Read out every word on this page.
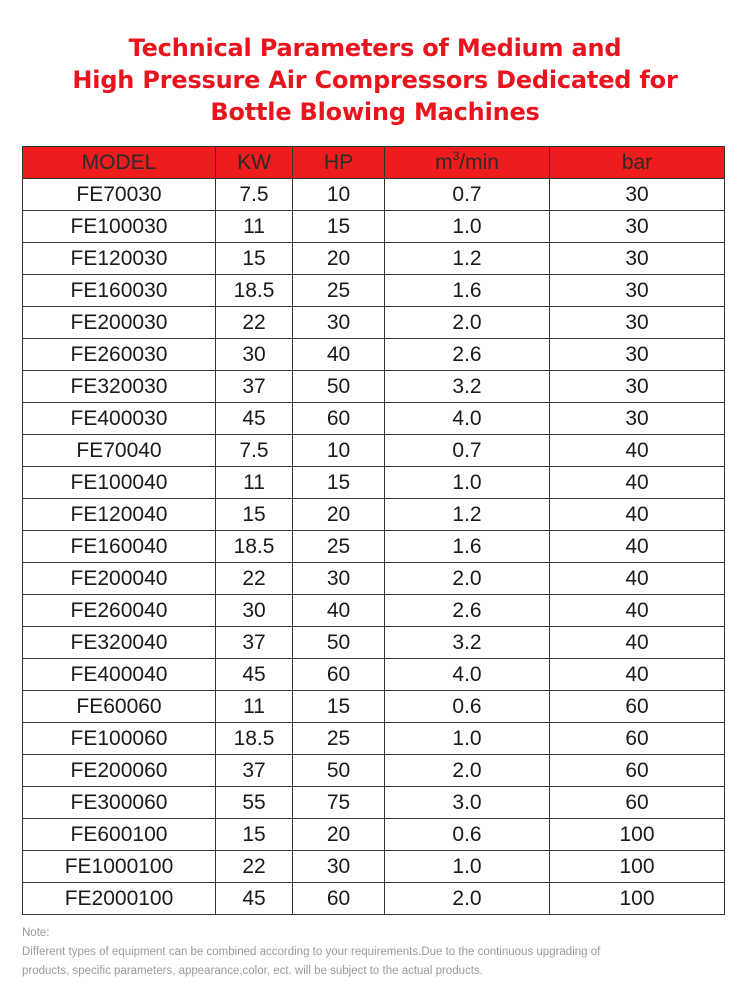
Technical Parameters of Medium and
High Pressure Air Compressors Dedicated for
Bottle Blowing Machines
MODEL	KW	HP	$m^3/\min$	bar
FE70030	7.5	10	0.7	30
FE100030	11	15	1.0	30
FE120030	15	20	1.2	30
FE160030	18.5	25	1.6	30
FE200030	22	30	2.0	30
FE260030	30	40	2.6	30
FE320030	37	50	3.2	30
FE400030	45	60	4.0	30
FE70040	7.5	10	0.7	40
FE100040	11	15	1.0	40
FE120040	15	20	1.2	40
FE160040	18.5	25	1.6	40
FE200040	22	30	2.0	40
FE260040	30	40	2.6	40
FE320040	37	50	3.2	40
FE400040	45	60	4.0	40
FE60060	11	15	0.6	60
FE100060	18.5	25	1.0	60
FE200060	37	50	2.0	60
FE300060	55	75	3.0	60
FE600100	15	20	0.6	100
FE1000100	22	30	1.0	100
FE2000100	45	60	2.0	100
Note:
Different types of equipment can be combined according to your requirements.Due to the continuous upgrading of
products, specific parameters, appearance,color, ect. will be subject to the actual products.
